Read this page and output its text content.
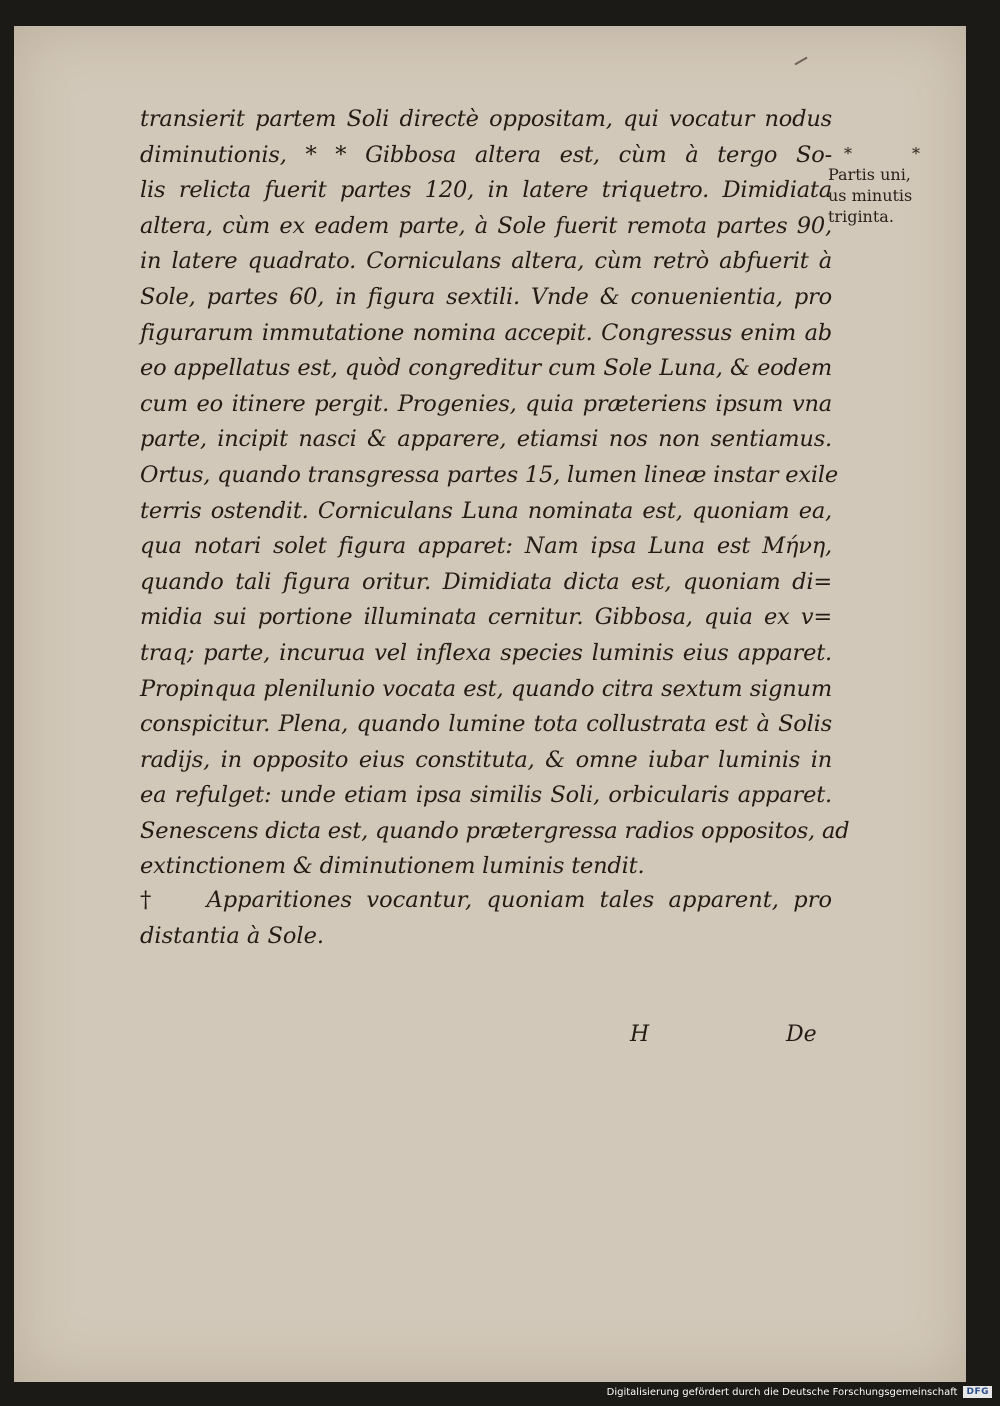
transierit partem Soli directè oppositam, qui vocatur nodus
diminutionis, * * Gibbosa altera est, cùm à tergo So-
lis relicta fuerit partes 120, in latere triquetro. Dimidiata
altera, cùm ex eadem parte, à Sole fuerit remota partes 90,
in latere quadrato. Corniculans altera, cùm retrò abfuerit à
Sole, partes 60, in figura sextili. Vnde & conuenientia, pro
figurarum immutatione nomina accepit. Congressus enim ab
eo appellatus est, quòd congreditur cum Sole Luna, & eodem
cum eo itinere pergit. Progenies, quia præteriens ipsum vna
parte, incipit nasci & apparere, etiamsi nos non sentiamus.
Ortus, quando transgressa partes 15, lumen lineæ instar exile
terris ostendit. Corniculans Luna nominata est, quoniam ea,
qua notari solet figura apparet: Nam ipsa Luna est Μήνη,
quando tali figura oritur. Dimidiata dicta est, quoniam di=
midia sui portione illuminata cernitur. Gibbosa, quia ex v=
traq; parte, incurua vel inflexa species luminis eius apparet.
Propinqua plenilunio vocata est, quando citra sextum signum
conspicitur. Plena, quando lumine tota collustrata est à Solis
radijs, in opposito eius constituta, & omne iubar luminis in
ea refulget: unde etiam ipsa similis Soli, orbicularis apparet.
Senescens dicta est, quando prætergressa radios oppositos, ad
extinctionem & diminutionem luminis tendit.
† Apparitiones vocantur, quoniam tales apparent, pro
distantia à Sole.
*	*
Partis uni,
us minutis
triginta.
H	De
Digitalisierung gefördert durch die Deutsche Forschungsgemeinschaft	DFG
